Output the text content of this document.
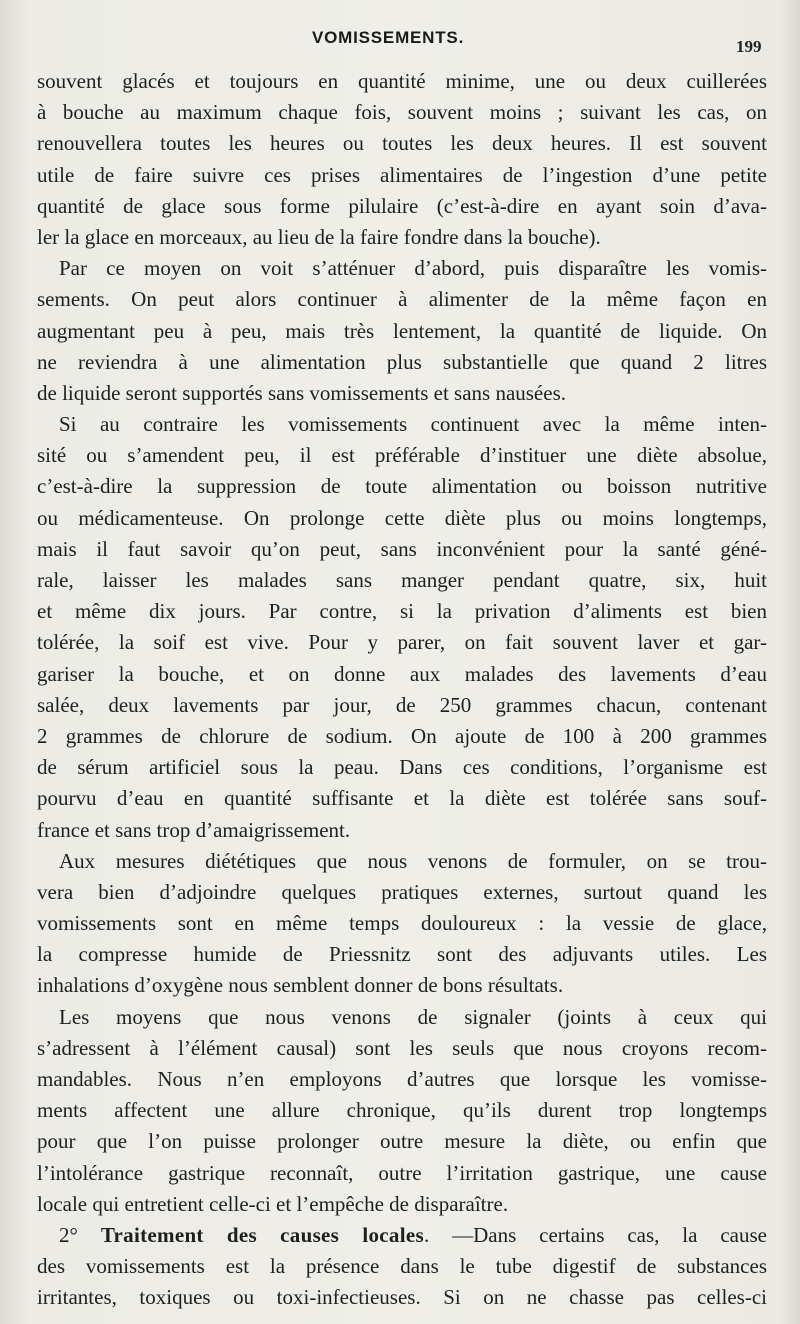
VOMISSEMENTS.	199
souvent glacés et toujours en quantité minime, une ou deux cuillerées
à bouche au maximum chaque fois, souvent moins ; suivant les cas, on
renouvellera toutes les heures ou toutes les deux heures. Il est souvent
utile de faire suivre ces prises alimentaires de l’ingestion d’une petite
quantité de glace sous forme pilulaire (c’est-à-dire en ayant soin d’ava-
ler la glace en morceaux, au lieu de la faire fondre dans la bouche).
Par ce moyen on voit s’atténuer d’abord, puis disparaître les vomis-
sements. On peut alors continuer à alimenter de la même façon en
augmentant peu à peu, mais très lentement, la quantité de liquide. On
ne reviendra à une alimentation plus substantielle que quand 2 litres
de liquide seront supportés sans vomissements et sans nausées.
Si au contraire les vomissements continuent avec la même inten-
sité ou s’amendent peu, il est préférable d’instituer une diète absolue,
c’est-à-dire la suppression de toute alimentation ou boisson nutritive
ou médicamenteuse. On prolonge cette diète plus ou moins longtemps,
mais il faut savoir qu’on peut, sans inconvénient pour la santé géné-
rale, laisser les malades sans manger pendant quatre, six, huit
et même dix jours. Par contre, si la privation d’aliments est bien
tolérée, la soif est vive. Pour y parer, on fait souvent laver et gar-
gariser la bouche, et on donne aux malades des lavements d’eau
salée, deux lavements par jour, de 250 grammes chacun, contenant
2 grammes de chlorure de sodium. On ajoute de 100 à 200 grammes
de sérum artificiel sous la peau. Dans ces conditions, l’organisme est
pourvu d’eau en quantité suffisante et la diète est tolérée sans souf-
france et sans trop d’amaigrissement.
Aux mesures diététiques que nous venons de formuler, on se trou-
vera bien d’adjoindre quelques pratiques externes, surtout quand les
vomissements sont en même temps douloureux : la vessie de glace,
la compresse humide de Priessnitz sont des adjuvants utiles. Les
inhalations d’oxygène nous semblent donner de bons résultats.
Les moyens que nous venons de signaler (joints à ceux qui
s’adressent à l’élément causal) sont les seuls que nous croyons recom-
mandables. Nous n’en employons d’autres que lorsque les vomisse-
ments affectent une allure chronique, qu’ils durent trop longtemps
pour que l’on puisse prolonger outre mesure la diète, ou enfin que
l’intolérance gastrique reconnaît, outre l’irritation gastrique, une cause
locale qui entretient celle-ci et l’empêche de disparaître.
2° Traitement des causes locales. —Dans certains cas, la cause
des vomissements est la présence dans le tube digestif de substances
irritantes, toxiques ou toxi-infectieuses. Si on ne chasse pas celles-ci
